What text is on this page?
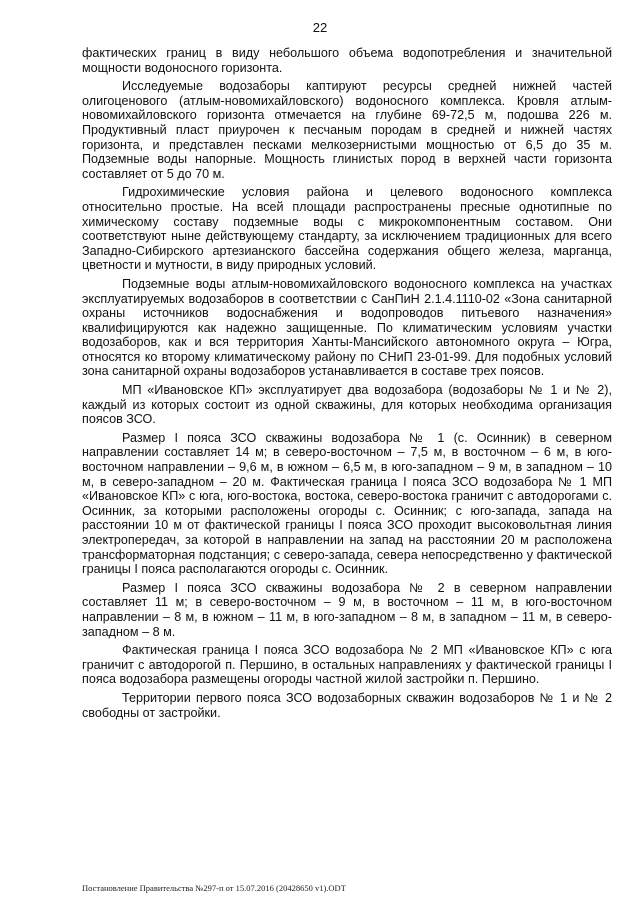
22

фактических границ в виду небольшого объема водопотребления и значительной мощности водоносного горизонта.

Исследуемые водозаборы каптируют ресурсы средней нижней частей олигоценового (атлым-новомихайловского) водоносного комплекса. Кровля атлым-новомихайловского горизонта отмечается на глубине 69-72,5 м, подошва 226 м. Продуктивный пласт приурочен к песчаным породам в средней и нижней частях горизонта, и представлен песками мелкозернистыми мощностью от 6,5 до 35 м. Подземные воды напорные. Мощность глинистых пород в верхней части горизонта составляет от 5 до 70 м.

Гидрохимические условия района и целевого водоносного комплекса относительно простые. На всей площади распространены пресные однотипные по химическому составу подземные воды с микрокомпонентным составом. Они соответствуют ныне действующему стандарту, за исключением традиционных для всего Западно-Сибирского артезианского бассейна содержания общего железа, марганца, цветности и мутности, в виду природных условий.

Подземные воды атлым-новомихайловского водоносного комплекса на участках эксплуатируемых водозаборов в соответствии с СанПиН 2.1.4.1110-02 «Зона санитарной охраны источников водоснабжения и водопроводов питьевого назначения» квалифицируются как надежно защищенные. По климатическим условиям участки водозаборов, как и вся территория Ханты-Мансийского автономного округа – Югра, относятся ко второму климатическому району по СНиП 23-01-99. Для подобных условий зона санитарной охраны водозаборов устанавливается в составе трех поясов.

МП «Ивановское КП» эксплуатирует два водозабора (водозаборы № 1 и № 2), каждый из которых состоит из одной скважины, для которых необходима организация поясов ЗСО.

Размер I пояса ЗСО скважины водозабора № 1 (с. Осинник) в северном направлении составляет 14 м; в северо-восточном – 7,5 м, в восточном – 6 м, в юго-восточном направлении – 9,6 м, в южном – 6,5 м, в юго-западном – 9 м, в западном – 10 м, в северо-западном – 20 м. Фактическая граница I пояса ЗСО водозабора № 1 МП «Ивановское КП» с юга, юго-востока, востока, северо-востока граничит с автодорогами с. Осинник, за которыми расположены огороды с. Осинник; с юго-запада, запада на расстоянии 10 м от фактической границы I пояса ЗСО проходит высоковольтная линия электропередач, за которой в направлении на запад на расстоянии 20 м расположена трансформаторная подстанция; с северо-запада, севера непосредственно у фактической границы I пояса располагаются огороды с. Осинник.

Размер I пояса ЗСО скважины водозабора № 2 в северном направлении составляет 11 м; в северо-восточном – 9 м, в восточном – 11 м, в юго-восточном направлении – 8 м, в южном – 11 м, в юго-западном – 8 м, в западном – 11 м, в северо-западном – 8 м.

Фактическая граница I пояса ЗСО водозабора № 2 МП «Ивановское КП» с юга граничит с автодорогой п. Першино, в остальных направлениях у фактической границы I пояса водозабора размещены огороды частной жилой застройки п. Першино.

Территории первого пояса ЗСО водозаборных скважин водозаборов № 1 и № 2 свободны от застройки.

Постановление Правительства №297-п от 15.07.2016 (20428650 v1).ODT
